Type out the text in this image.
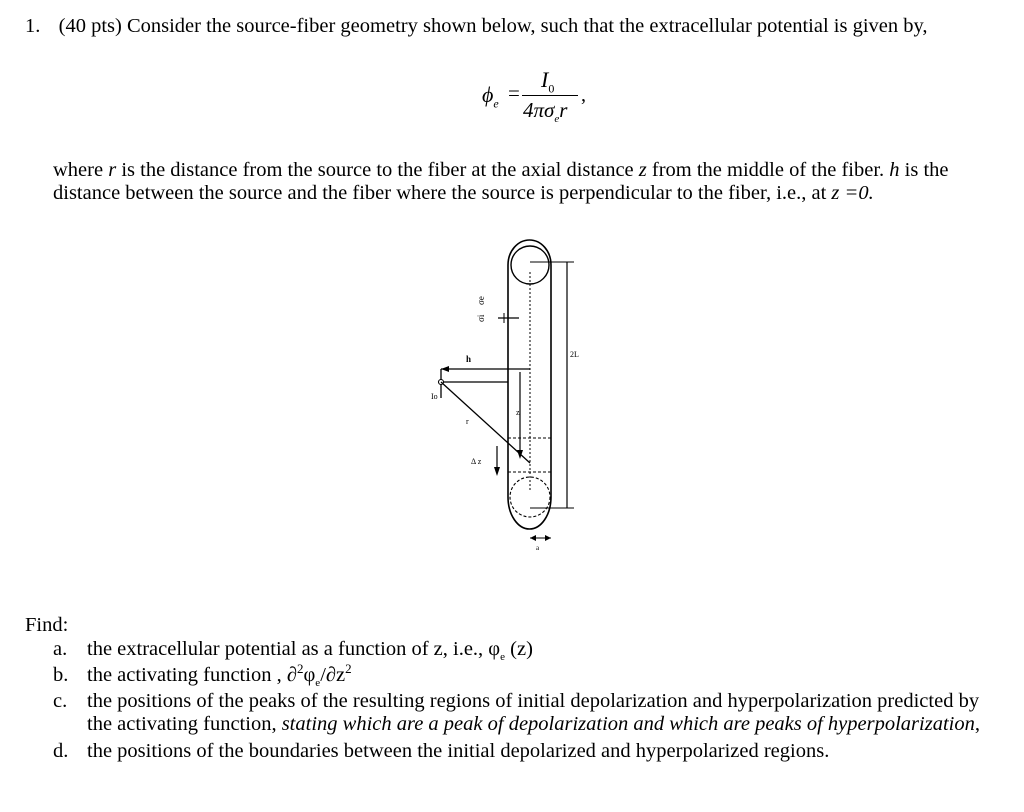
1. (40 pts) Consider the source-fiber geometry shown below, such that the extracellular potential is given by,
$\phi_e$ =
$I_0$
$4\pi\sigma_er$
,
where r is the distance from the source to the fiber at the axial distance z from the middle of the fiber. h is the distance between the source and the fiber where the source is perpendicular to the fiber, i.e., at z =0.
σe
σi
h
Io
r
z
Δ z
2L
a
Find:
a. the extracellular potential as a function of z, i.e., $\varphi_e$ (z)
b. the activating function , $\partial^2\varphi_e/\partial z^2$
c. the positions of the peaks of the resulting regions of initial depolarization and hyperpolarization predicted by the activating function, stating which are a peak of depolarization and which are peaks of hyperpolarization,
d. the positions of the boundaries between the initial depolarized and hyperpolarized regions.
